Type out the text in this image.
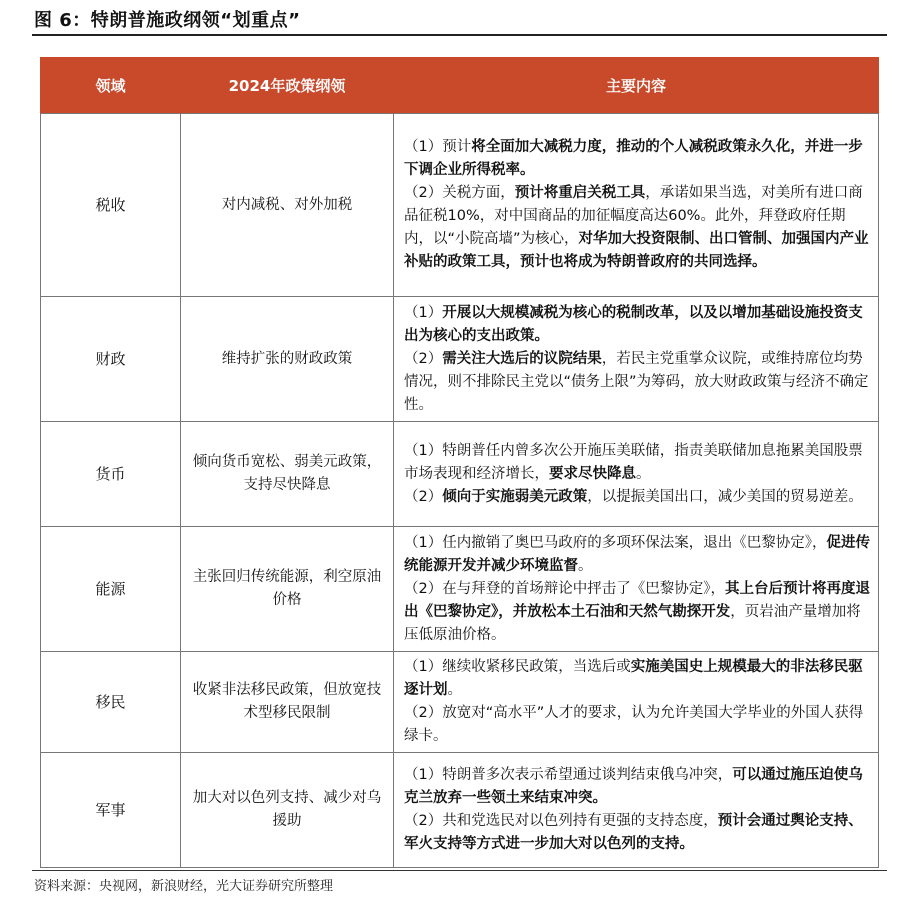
图 6：特朗普施政纲领“划重点”
领域	2024年政策纲领	主要内容
税收	对内减税、对外加税	（1）预计将全面加大减税力度，推动的个人减税政策永久化，并进一步下调企业所得税率。

（2）关税方面，预计将重启关税工具，承诺如果当选，对美所有进口商品征税10%，对中国商品的加征幅度高达60%。此外，拜登政府任期内，以“小院高墙”为核心，对华加大投资限制、出口管制、加强国内产业补贴的政策工具，预计也将成为特朗普政府的共同选择。

财政	维持扩张的财政政策	（1）开展以大规模减税为核心的税制改革，以及以增加基础设施投资支出为核心的支出政策。

（2）需关注大选后的议院结果，若民主党重掌众议院，或维持席位均势情况，则不排除民主党以“债务上限”为筹码，放大财政政策与经济不确定性。

货币	倾向货币宽松、弱美元政策，支持尽快降息	（1）特朗普任内曾多次公开施压美联储，指责美联储加息拖累美国股票市场表现和经济增长，要求尽快降息。

（2）倾向于实施弱美元政策，以提振美国出口，减少美国的贸易逆差。

能源	主张回归传统能源，利空原油价格	（1）任内撤销了奥巴马政府的多项环保法案，退出《巴黎协定》，促进传统能源开发并减少环境监督。

（2）在与拜登的首场辩论中抨击了《巴黎协定》，其上台后预计将再度退出《巴黎协定》，并放松本土石油和天然气勘探开发，页岩油产量增加将压低原油价格。

移民	收紧非法移民政策，但放宽技术型移民限制	（1）继续收紧移民政策，当选后或实施美国史上规模最大的非法移民驱逐计划。

（2）放宽对“高水平”人才的要求，认为允许美国大学毕业的外国人获得绿卡。

军事	加大对以色列支持、减少对乌援助	（1）特朗普多次表示希望通过谈判结束俄乌冲突，可以通过施压迫使乌克兰放弃一些领土来结束冲突。

（2）共和党选民对以色列持有更强的支持态度，预计会通过舆论支持、军火支持等方式进一步加大对以色列的支持。

资料来源：央视网，新浪财经，光大证券研究所整理
